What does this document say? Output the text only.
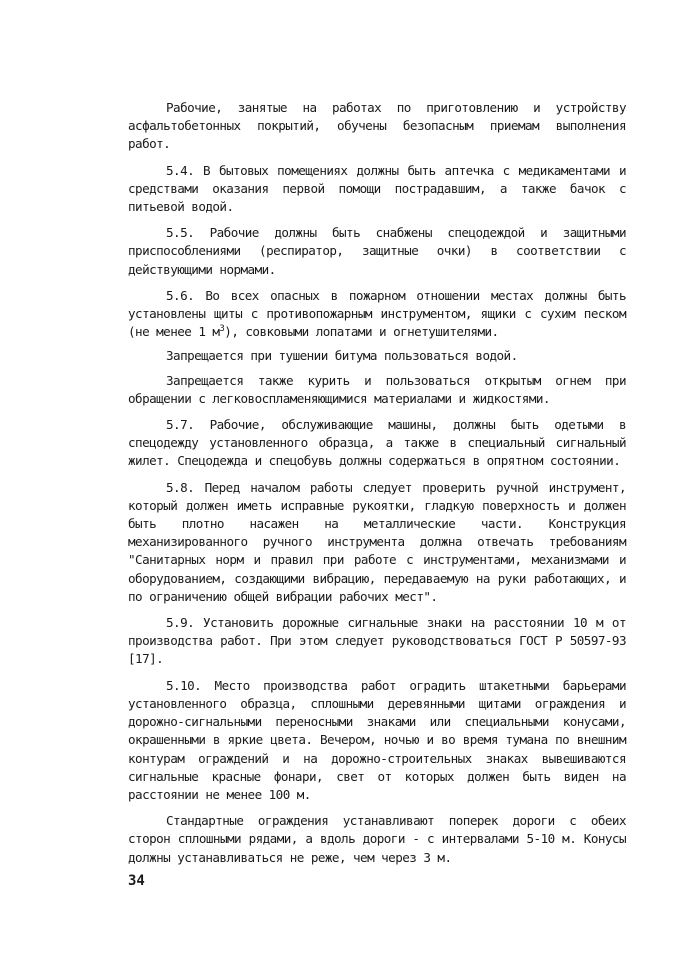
Рабочие, занятые на работах по приготовлению и устройству асфальтобетонных покрытий, обучены безопасным приемам выполнения работ.

5.4. В бытовых помещениях должны быть аптечка с медикаментами и средствами оказания первой помощи пострадавшим, а также бачок с питьевой водой.

5.5. Рабочие должны быть снабжены спецодеждой и защитными приспособлениями (респиратор, защитные очки) в соответствии с действующими нормами.

5.6. Во всех опасных в пожарном отношении местах должны быть установлены щиты с противопожарным инструментом, ящики с сухим песком (не менее 1 $м^3$), совковыми лопатами и огнетушителями.

Запрещается при тушении битума пользоваться водой.

Запрещается также курить и пользоваться открытым огнем при обращении с легковоспламеняющимися материалами и жидкостями.

5.7. Рабочие, обслуживающие машины, должны быть одетыми в спецодежду установленного образца, а также в специальный сигнальный жилет. Спецодежда и спецобувь должны содержаться в опрятном состоянии.

5.8. Перед началом работы следует проверить ручной инструмент, который должен иметь исправные рукоятки, гладкую поверхность и должен быть плотно насажен на металлические части. Конструкция механизированного ручного инструмента должна отвечать требованиям "Санитарных норм и правил при работе с инструментами, механизмами и оборудованием, создающими вибрацию, передаваемую на руки работающих, и по ограничению общей вибрации рабочих мест".

5.9. Установить дорожные сигнальные знаки на расстоянии 10 м от производства работ. При этом следует руководствоваться ГОСТ Р 50597-93 [17].

5.10. Место производства работ оградить штакетными барьерами установленного образца, сплошными деревянными щитами ограждения и дорожно-сигнальными переносными знаками или специальными конусами, окрашенными в яркие цвета. Вечером, ночью и во время тумана по внешним контурам ограждений и на дорожно-строительных знаках вывешиваются сигнальные красные фонари, свет от которых должен быть виден на расстоянии не менее 100 м.

Стандартные ограждения устанавливают поперек дороги с обеих сторон сплошными рядами, а вдоль дороги - с интервалами 5-10 м. Конусы должны устанавливаться не реже, чем через 3 м.

34
